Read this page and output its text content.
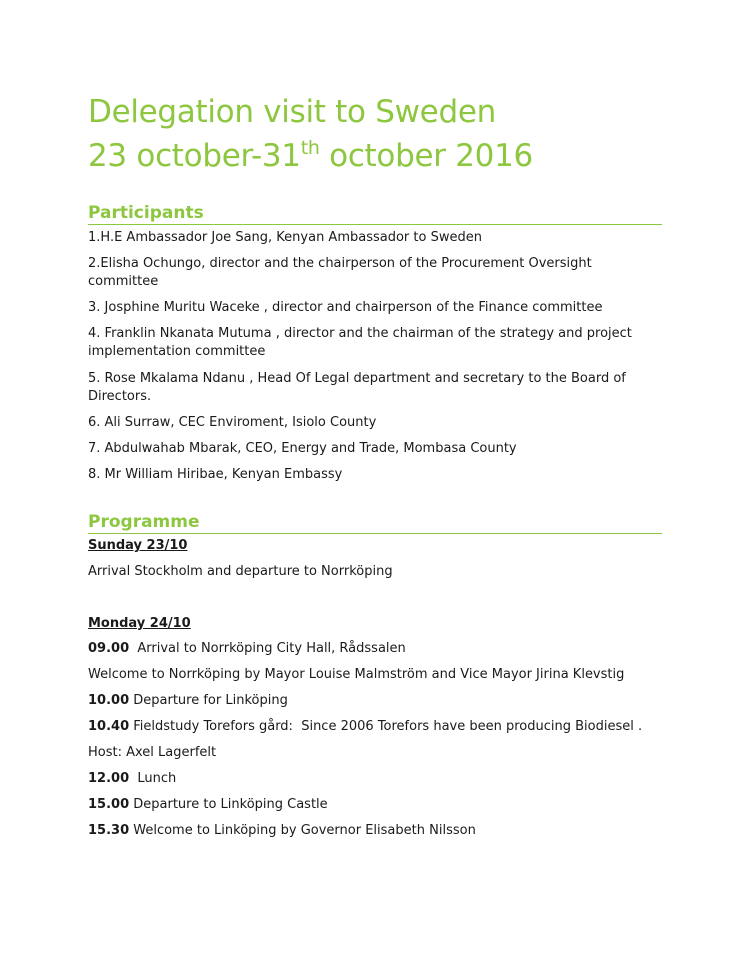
Delegation visit to Sweden
23 october-31th october 2016
Participants

1.H.E Ambassador Joe Sang, Kenyan Ambassador to Sweden

2.Elisha Ochungo, director and the chairperson of the Procurement Oversight committee

3. Josphine Muritu Waceke , director and chairperson of the Finance committee

4. Franklin Nkanata Mutuma , director and the chairman of the strategy and project implementation committee

5. Rose Mkalama Ndanu , Head Of Legal department and secretary to the Board of Directors.

6. Ali Surraw, CEC Enviroment, Isiolo County

7. Abdulwahab Mbarak, CEO, Energy and Trade, Mombasa County

8. Mr William Hiribae, Kenyan Embassy

Programme

Sunday 23/10

Arrival Stockholm and departure to Norrköping

Monday 24/10

09.00  Arrival to Norrköping City Hall, Rådssalen

Welcome to Norrköping by Mayor Louise Malmström and Vice Mayor Jirina Klevstig

10.00 Departure for Linköping

10.40 Fieldstudy Torefors gård:  Since 2006 Torefors have been producing Biodiesel .

Host: Axel Lagerfelt

12.00  Lunch

15.00 Departure to Linköping Castle

15.30 Welcome to Linköping by Governor Elisabeth Nilsson
